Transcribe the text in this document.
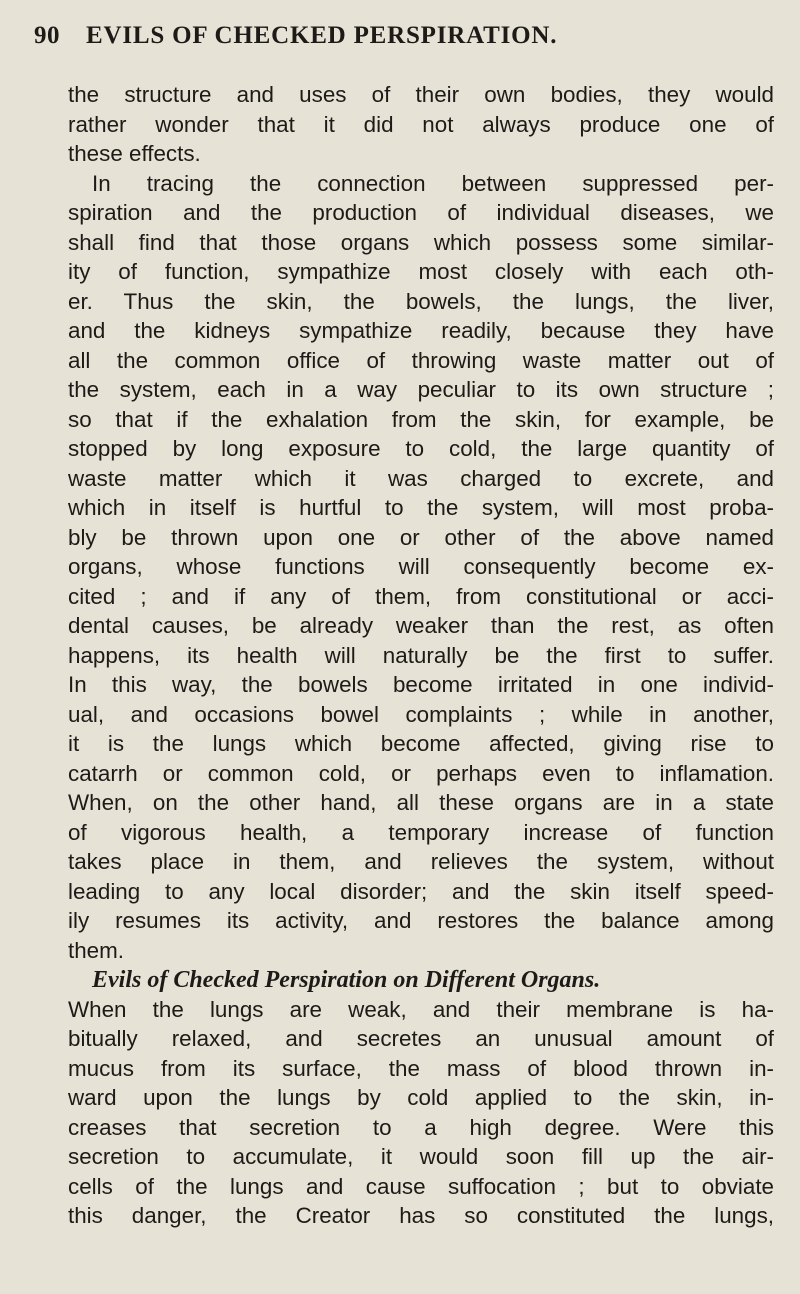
90 EVILS OF CHECKED PERSPIRATION.
the structure and uses of their own bodies, they would
rather wonder that it did not always produce one of
these effects.
In tracing the connection between suppressed per-
spiration and the production of individual diseases, we
shall find that those organs which possess some similar-
ity of function, sympathize most closely with each oth-
er. Thus the skin, the bowels, the lungs, the liver,
and the kidneys sympathize readily, because they have
all the common office of throwing waste matter out of
the system, each in a way peculiar to its own structure ;
so that if the exhalation from the skin, for example, be
stopped by long exposure to cold, the large quantity of
waste matter which it was charged to excrete, and
which in itself is hurtful to the system, will most proba-
bly be thrown upon one or other of the above named
organs, whose functions will consequently become ex-
cited ; and if any of them, from constitutional or acci-
dental causes, be already weaker than the rest, as often
happens, its health will naturally be the first to suffer.
In this way, the bowels become irritated in one individ-
ual, and occasions bowel complaints ; while in another,
it is the lungs which become affected, giving rise to
catarrh or common cold, or perhaps even to inflamation.
When, on the other hand, all these organs are in a state
of vigorous health, a temporary increase of function
takes place in them, and relieves the system, without
leading to any local disorder; and the skin itself speed-
ily resumes its activity, and restores the balance among
them.
Evils of Checked Perspiration on Different Organs.
When the lungs are weak, and their membrane is ha-
bitually relaxed, and secretes an unusual amount of
mucus from its surface, the mass of blood thrown in-
ward upon the lungs by cold applied to the skin, in-
creases that secretion to a high degree. Were this
secretion to accumulate, it would soon fill up the air-
cells of the lungs and cause suffocation ; but to obviate
this danger, the Creator has so constituted the lungs,
